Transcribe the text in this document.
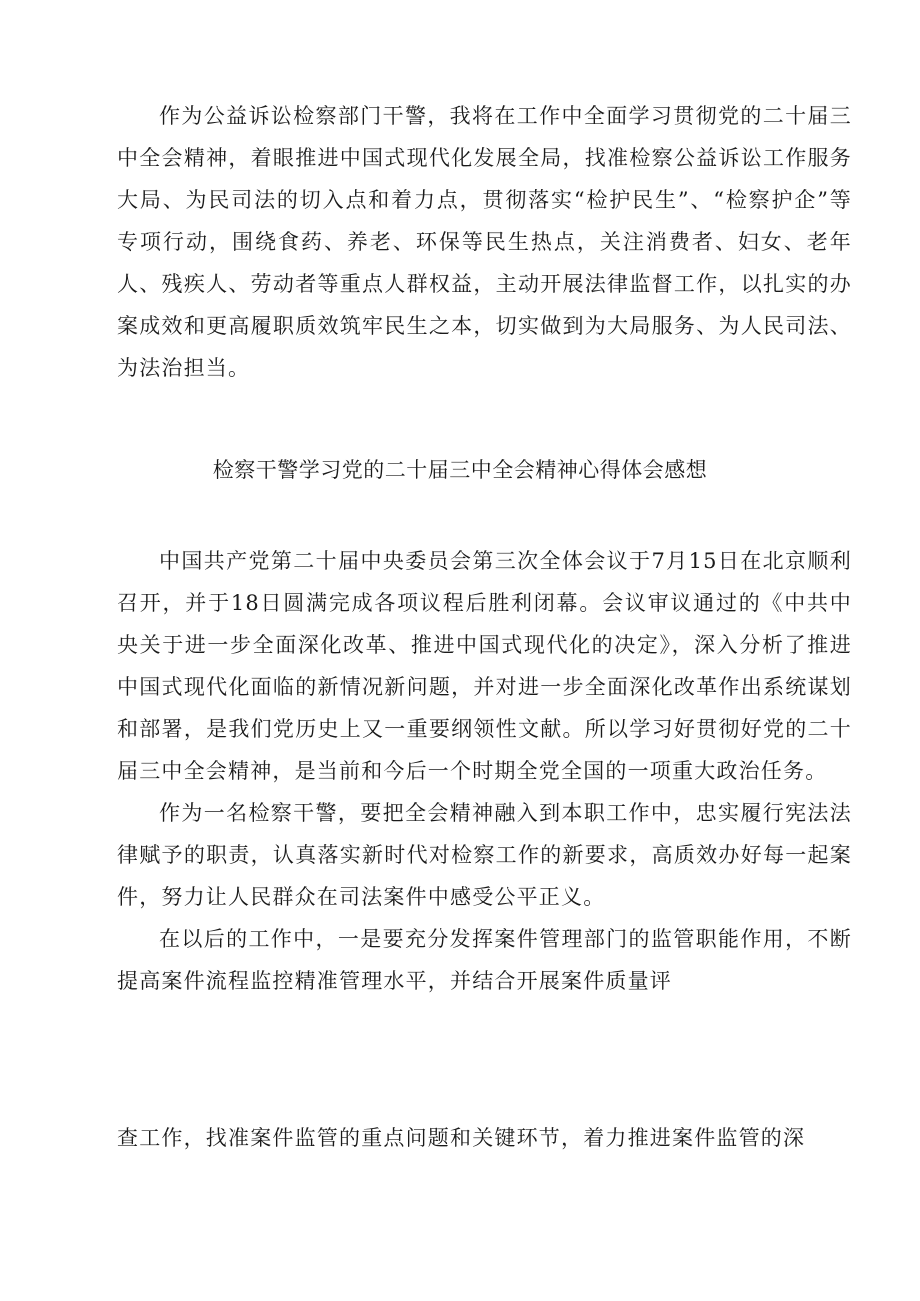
作为公益诉讼检察部门干警，我将在工作中全面学习贯彻党的二十届三中全会精神，着眼推进中国式现代化发展全局，找准检察公益诉讼工作服务大局、为民司法的切入点和着力点，贯彻落实“检护民生”、“检察护企”等专项行动，围绕食药、养老、环保等民生热点，关注消费者、妇女、老年人、残疾人、劳动者等重点人群权益，主动开展法律监督工作，以扎实的办案成效和更高履职质效筑牢民生之本，切实做到为大局服务、为人民司法、为法治担当。

检察干警学习党的二十届三中全会精神心得体会感想

中国共产党第二十届中央委员会第三次全体会议于7月15日在北京顺利召开，并于18日圆满完成各项议程后胜利闭幕。会议审议通过的《中共中央关于进一步全面深化改革、推进中国式现代化的决定》，深入分析了推进中国式现代化面临的新情况新问题，并对进一步全面深化改革作出系统谋划和部署，是我们党历史上又一重要纲领性文献。所以学习好贯彻好党的二十届三中全会精神，是当前和今后一个时期全党全国的一项重大政治任务。

作为一名检察干警，要把全会精神融入到本职工作中，忠实履行宪法法律赋予的职责，认真落实新时代对检察工作的新要求，高质效办好每一起案件，努力让人民群众在司法案件中感受公平正义。

在以后的工作中，一是要充分发挥案件管理部门的监管职能作用，不断提高案件流程监控精准管理水平，并结合开展案件质量评

查工作，找准案件监管的重点问题和关键环节，着力推进案件监管的深
